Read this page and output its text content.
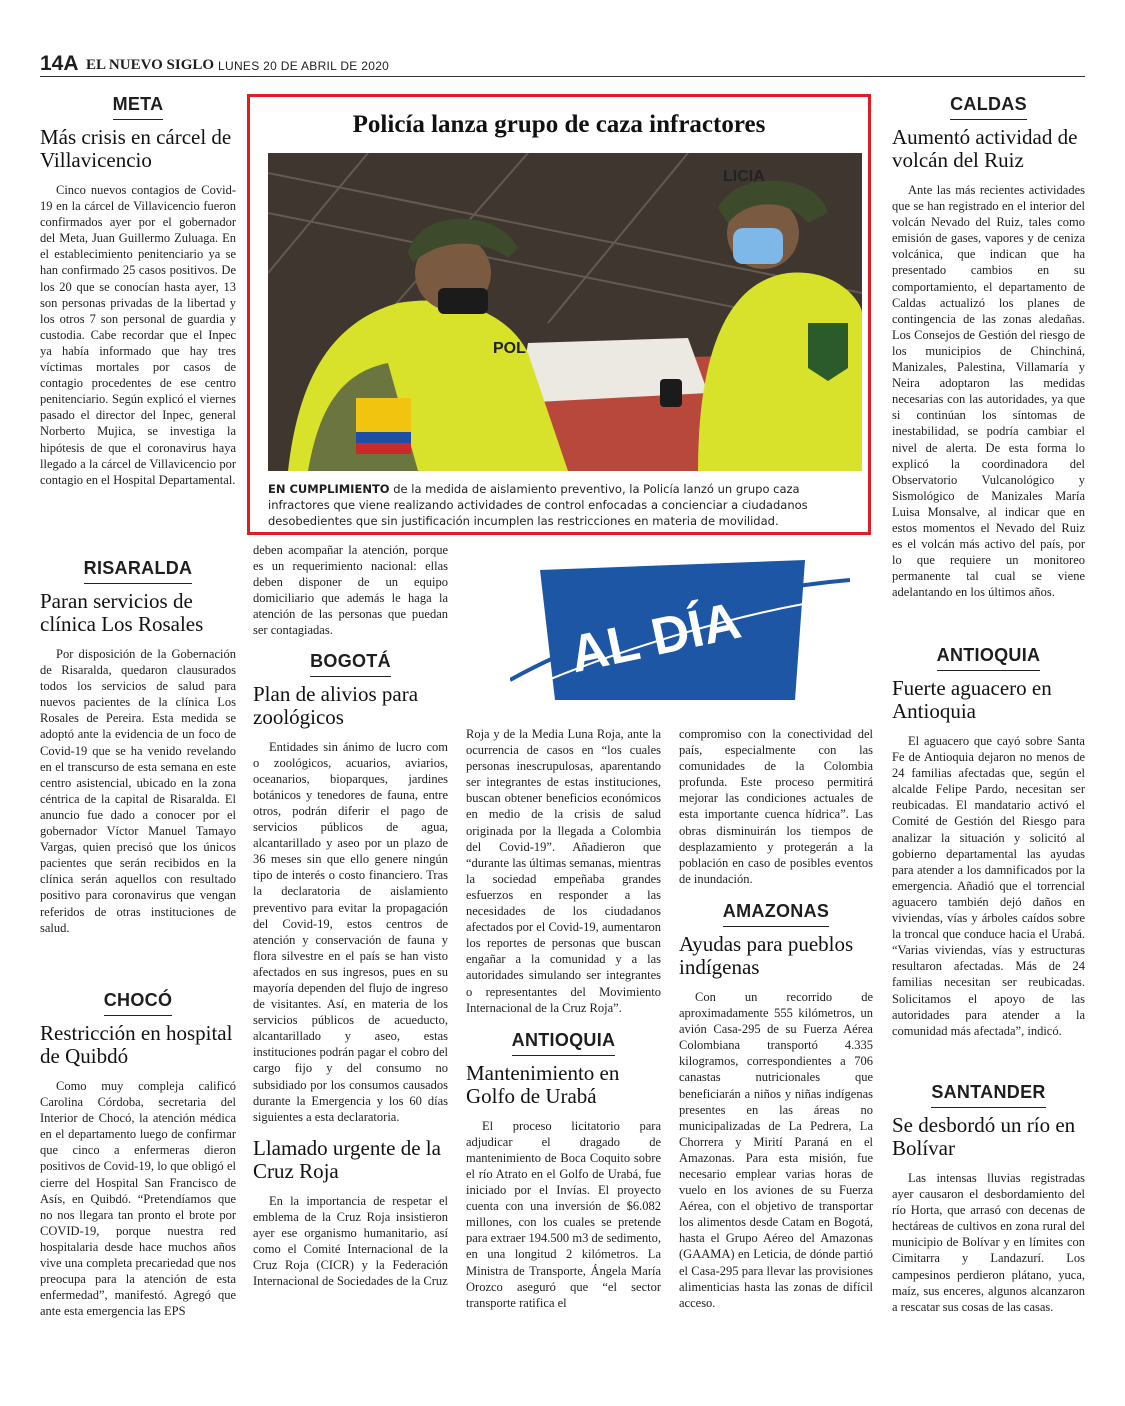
14A EL NUEVO SIGLO LUNES 20 DE ABRIL DE 2020
META
Más crisis en cárcel de Villavicencio

Cinco nuevos contagios de Covid-19 en la cárcel de Villavicencio fueron confirmados ayer por el gobernador del Meta, Juan Guillermo Zuluaga. En el establecimiento penitenciario ya se han confirmado 25 casos positivos. De los 20 que se conocían hasta ayer, 13 son personas privadas de la libertad y los otros 7 son personal de guardia y custodia. Cabe recordar que el Inpec ya había informado que hay tres víctimas mortales por casos de contagio procedentes de ese centro penitenciario. Según explicó el viernes pasado el director del Inpec, general Norberto Mujica, se investiga la hipótesis de que el coronavirus haya llegado a la cárcel de Villavicencio por contagio en el Hospital Departamental.

RISARALDA
Paran servicios de clínica Los Rosales

Por disposición de la Gobernación de Risaralda, quedaron clausurados todos los servicios de salud para nuevos pacientes de la clínica Los Rosales de Pereira. Esta medida se adoptó ante la evidencia de un foco de Covid-19 que se ha venido revelando en el transcurso de esta semana en este centro asistencial, ubicado en la zona céntrica de la capital de Risaralda. El anuncio fue dado a conocer por el gobernador Víctor Manuel Tamayo Vargas, quien precisó que los únicos pacientes que serán recibidos en la clínica serán aquellos con resultado positivo para coronavirus que vengan referidos de otras instituciones de salud.

CHOCÓ
Restricción en hospital de Quibdó

Como muy compleja calificó Carolina Córdoba, secretaria del Interior de Chocó, la atención médica en el departamento luego de confirmar que cinco a enfermeras dieron positivos de Covid-19, lo que obligó el cierre del Hospital San Francisco de Asís, en Quibdó. “Pretendíamos que no nos llegara tan pronto el brote por COVID-19, porque nuestra red hospitalaria desde hace muchos años vive una completa precariedad que nos preocupa para la atención de esta enfermedad”, manifestó. Agregó que ante esta emergencia las EPS

Policía lanza grupo de caza infractores
POL
LICIA
EN CUMPLIMIENTO de la medida de aislamiento preventivo, la Policía lanzó un grupo caza infractores que viene realizando actividades de control enfocadas a concienciar a ciudadanos desobedientes que sin justificación incumplen las restricciones en materia de movilidad.
AL DÍA

deben acompañar la atención, porque es un requerimiento nacional: ellas deben disponer de un equipo domiciliario que además le haga la atención de las personas que puedan ser contagiadas.

BOGOTÁ
Plan de alivios para zoológicos

Entidades sin ánimo de lucro com o zoológicos, acuarios, aviarios, oceanarios, bioparques, jardines botánicos y tenedores de fauna, entre otros, podrán diferir el pago de servicios públicos de agua, alcantarillado y aseo por un plazo de 36 meses sin que ello genere ningún tipo de interés o costo financiero. Tras la declaratoria de aislamiento preventivo para evitar la propagación del Covid-19, estos centros de atención y conservación de fauna y flora silvestre en el país se han visto afectados en sus ingresos, pues en su mayoría dependen del flujo de ingreso de visitantes. Así, en materia de los servicios públicos de acueducto, alcantarillado y aseo, estas instituciones podrán pagar el cobro del cargo fijo y del consumo no subsidiado por los consumos causados durante la Emergencia y los 60 días siguientes a esta declaratoria.

Llamado urgente de la Cruz Roja

En la importancia de respetar el emblema de la Cruz Roja insistieron ayer ese organismo humanitario, así como el Comité Internacional de la Cruz Roja (CICR) y la Federación Internacional de Sociedades de la Cruz

Roja y de la Media Luna Roja, ante la ocurrencia de casos en “los cuales personas inescrupulosas, aparentando ser integrantes de estas instituciones, buscan obtener beneficios económicos en medio de la crisis de salud originada por la llegada a Colombia del Covid-19”. Añadieron que “durante las últimas semanas, mientras la sociedad empeñaba grandes esfuerzos en responder a las necesidades de los ciudadanos afectados por el Covid-19, aumentaron los reportes de personas que buscan engañar a la comunidad y a las autoridades simulando ser integrantes o representantes del Movimiento Internacional de la Cruz Roja”.

ANTIOQUIA
Mantenimiento en Golfo de Urabá

El proceso licitatorio para adjudicar el dragado de mantenimiento de Boca Coquito sobre el río Atrato en el Golfo de Urabá, fue iniciado por el Invías. El proyecto cuenta con una inversión de $6.082 millones, con los cuales se pretende para extraer 194.500 m3 de sedimento, en una longitud 2 kilómetros. La Ministra de Transporte, Ángela María Orozco aseguró que “el sector transporte ratifica el

compromiso con la conectividad del país, especialmente con las comunidades de la Colombia profunda. Este proceso permitirá mejorar las condiciones actuales de esta importante cuenca hídrica”. Las obras disminuirán los tiempos de desplazamiento y protegerán a la población en caso de posibles eventos de inundación.

AMAZONAS
Ayudas para pueblos indígenas

Con un recorrido de aproximadamente 555 kilómetros, un avión Casa-295 de su Fuerza Aérea Colombiana transportó 4.335 kilogramos, correspondientes a 706 canastas nutricionales que beneficiarán a niños y niñas indígenas presentes en las áreas no municipalizadas de La Pedrera, La Chorrera y Mirití Paraná en el Amazonas. Para esta misión, fue necesario emplear varias horas de vuelo en los aviones de su Fuerza Aérea, con el objetivo de transportar los alimentos desde Catam en Bogotá, hasta el Grupo Aéreo del Amazonas (GAAMA) en Leticia, de dónde partió el Casa-295 para llevar las provisiones alimenticias hasta las zonas de difícil acceso.

CALDAS
Aumentó actividad de volcán del Ruiz

Ante las más recientes actividades que se han registrado en el interior del volcán Nevado del Ruiz, tales como emisión de gases, vapores y de ceniza volcánica, que indican que ha presentado cambios en su comportamiento, el departamento de Caldas actualizó los planes de contingencia de las zonas aledañas. Los Consejos de Gestión del riesgo de los municipios de Chinchiná, Manizales, Palestina, Villamaría y Neira adoptaron las medidas necesarias con las autoridades, ya que si continúan los síntomas de inestabilidad, se podría cambiar el nivel de alerta. De esta forma lo explicó la coordinadora del Observatorio Vulcanológico y Sismológico de Manizales María Luisa Monsalve, al indicar que en estos momentos el Nevado del Ruiz es el volcán más activo del país, por lo que requiere un monitoreo permanente tal cual se viene adelantando en los últimos años.

ANTIOQUIA
Fuerte aguacero en Antioquia

El aguacero que cayó sobre Santa Fe de Antioquia dejaron no menos de 24 familias afectadas que, según el alcalde Felipe Pardo, necesitan ser reubicadas. El mandatario activó el Comité de Gestión del Riesgo para analizar la situación y solicitó al gobierno departamental las ayudas para atender a los damnificados por la emergencia. Añadió que el torrencial aguacero también dejó daños en viviendas, vías y árboles caídos sobre la troncal que conduce hacia el Urabá. “Varias viviendas, vías y estructuras resultaron afectadas. Más de 24 familias necesitan ser reubicadas. Solicitamos el apoyo de las autoridades para atender a la comunidad más afectada”, indicó.

SANTANDER
Se desbordó un río en Bolívar

Las intensas lluvias registradas ayer causaron el desbordamiento del río Horta, que arrasó con decenas de hectáreas de cultivos en zona rural del municipio de Bolívar y en límites con Cimitarra y Landazurí. Los campesinos perdieron plátano, yuca, maíz, sus enceres, algunos alcanzaron a rescatar sus cosas de las casas.
